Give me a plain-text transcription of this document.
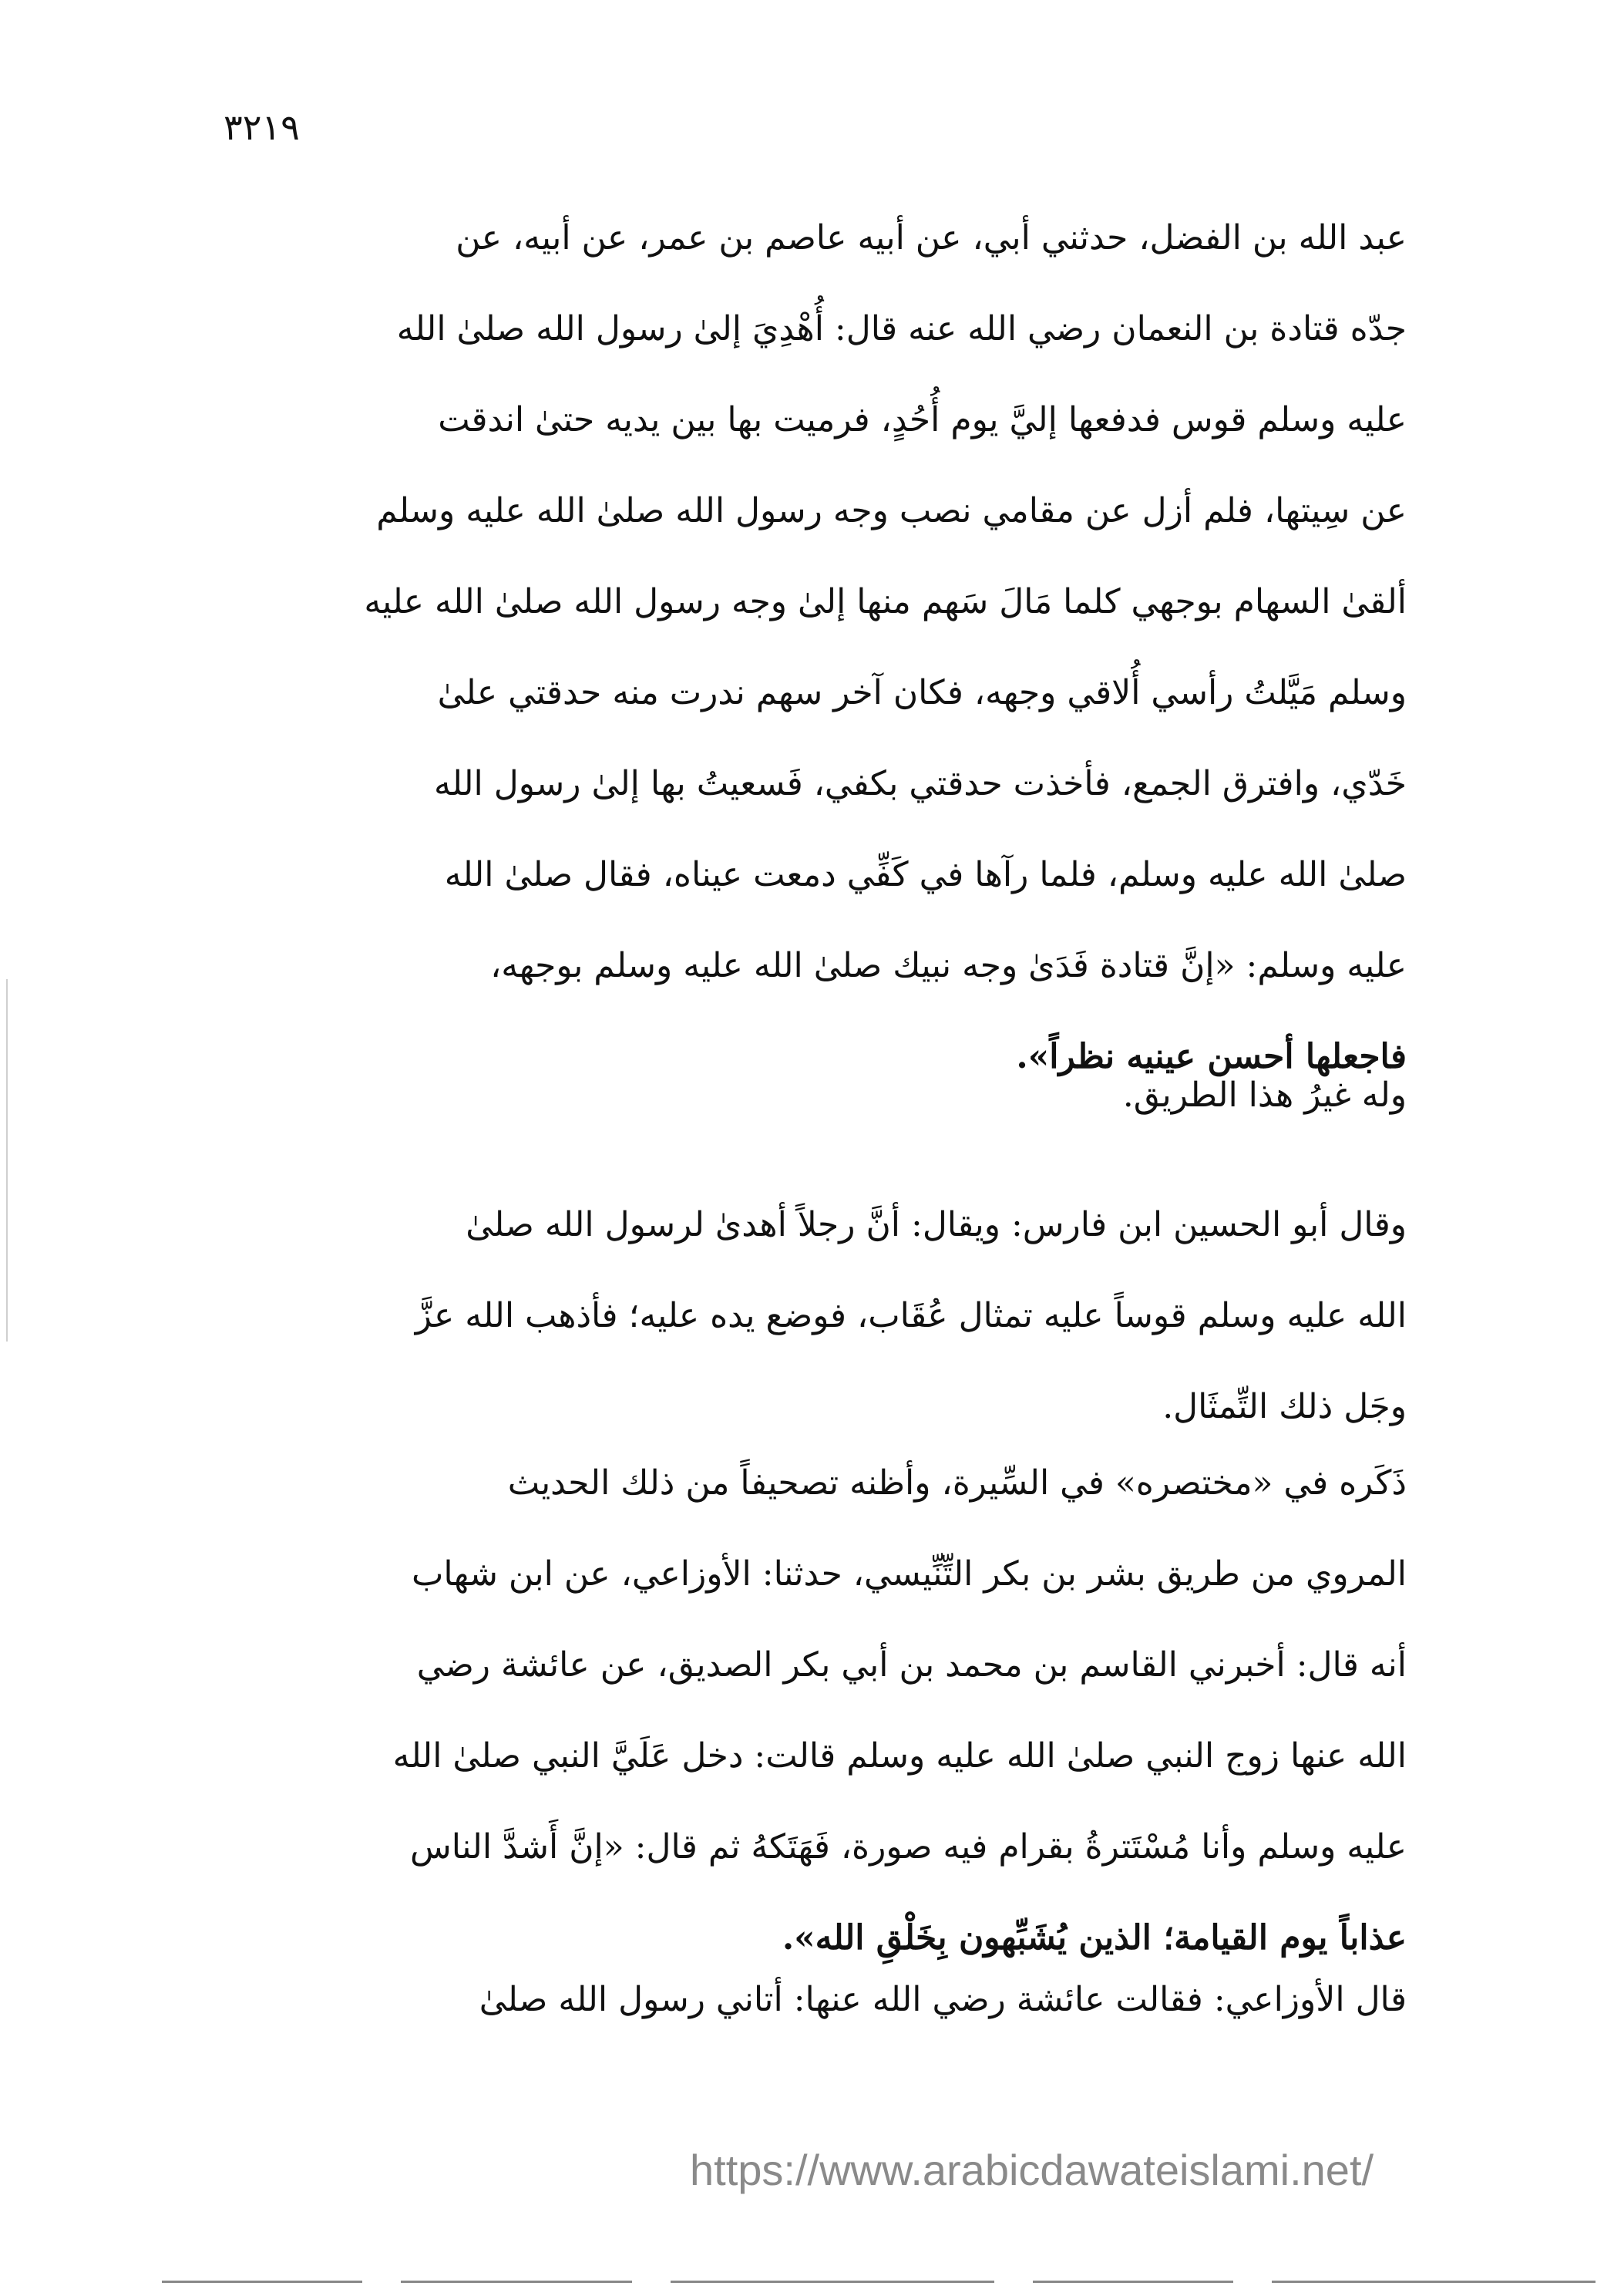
٣٢١٩
عبد الله بن الفضل، حدثني أبي، عن أبيه عاصم بن عمر، عن أبيه، عن
جدّه قتادة بن النعمان رضي الله عنه قال: أُهْدِيَ إلىٰ رسول الله صلىٰ الله
عليه وسلم قوس فدفعها إليَّ يوم أُحُدٍ، فرميت بها بين يديه حتىٰ اندقت
عن سِيتها، فلم أزل عن مقامي نصب وجه رسول الله صلىٰ الله عليه وسلم
ألقىٰ السهام بوجهي كلما مَالَ سَهم منها إلىٰ وجه رسول الله صلىٰ الله عليه
وسلم مَيَّلتُ رأسي أُلاقي وجهه، فكان آخر سهم ندرت منه حدقتي علىٰ
خَدّي، وافترق الجمع، فأخذت حدقتي بكفي، فَسعيتُ بها إلىٰ رسول الله
صلىٰ الله عليه وسلم، فلما رآها في كَفِّي دمعت عيناه، فقال صلىٰ الله
عليه وسلم: «إنَّ قتادة فَدَىٰ وجه نبيك صلىٰ الله عليه وسلم بوجهه،
فاجعلها أحسن عينيه نظراً».
وله غيرُ هذا الطريق.
وقال أبو الحسين ابن فارس: ويقال: أنَّ رجلاً أهدىٰ لرسول الله صلىٰ
الله عليه وسلم قوساً عليه تمثال عُقَاب، فوضع يده عليه؛ فأذهب الله عزَّ
وجَل ذلك التِّمثَال.
ذَكَره في «مختصره» في السِّيرة، وأظنه تصحيفاً من ذلك الحديث
المروي من طريق بشر بن بكر التِّنِّيسي، حدثنا: الأوزاعي، عن ابن شهاب
أنه قال: أخبرني القاسم بن محمد بن أبي بكر الصديق، عن عائشة رضي
الله عنها زوج النبي صلىٰ الله عليه وسلم قالت: دخل عَلَيَّ النبي صلىٰ الله
عليه وسلم وأنا مُسْتَترةُ بقرام فيه صورة، فَهَتَكهُ ثم قال: «إنَّ أَشدَّ الناس
عذاباً يوم القيامة؛ الذين يُشَبِّهون بِخَلْقِ الله».
قال الأوزاعي: فقالت عائشة رضي الله عنها: أتاني رسول الله صلىٰ
https://www.arabicdawateislami.net/
